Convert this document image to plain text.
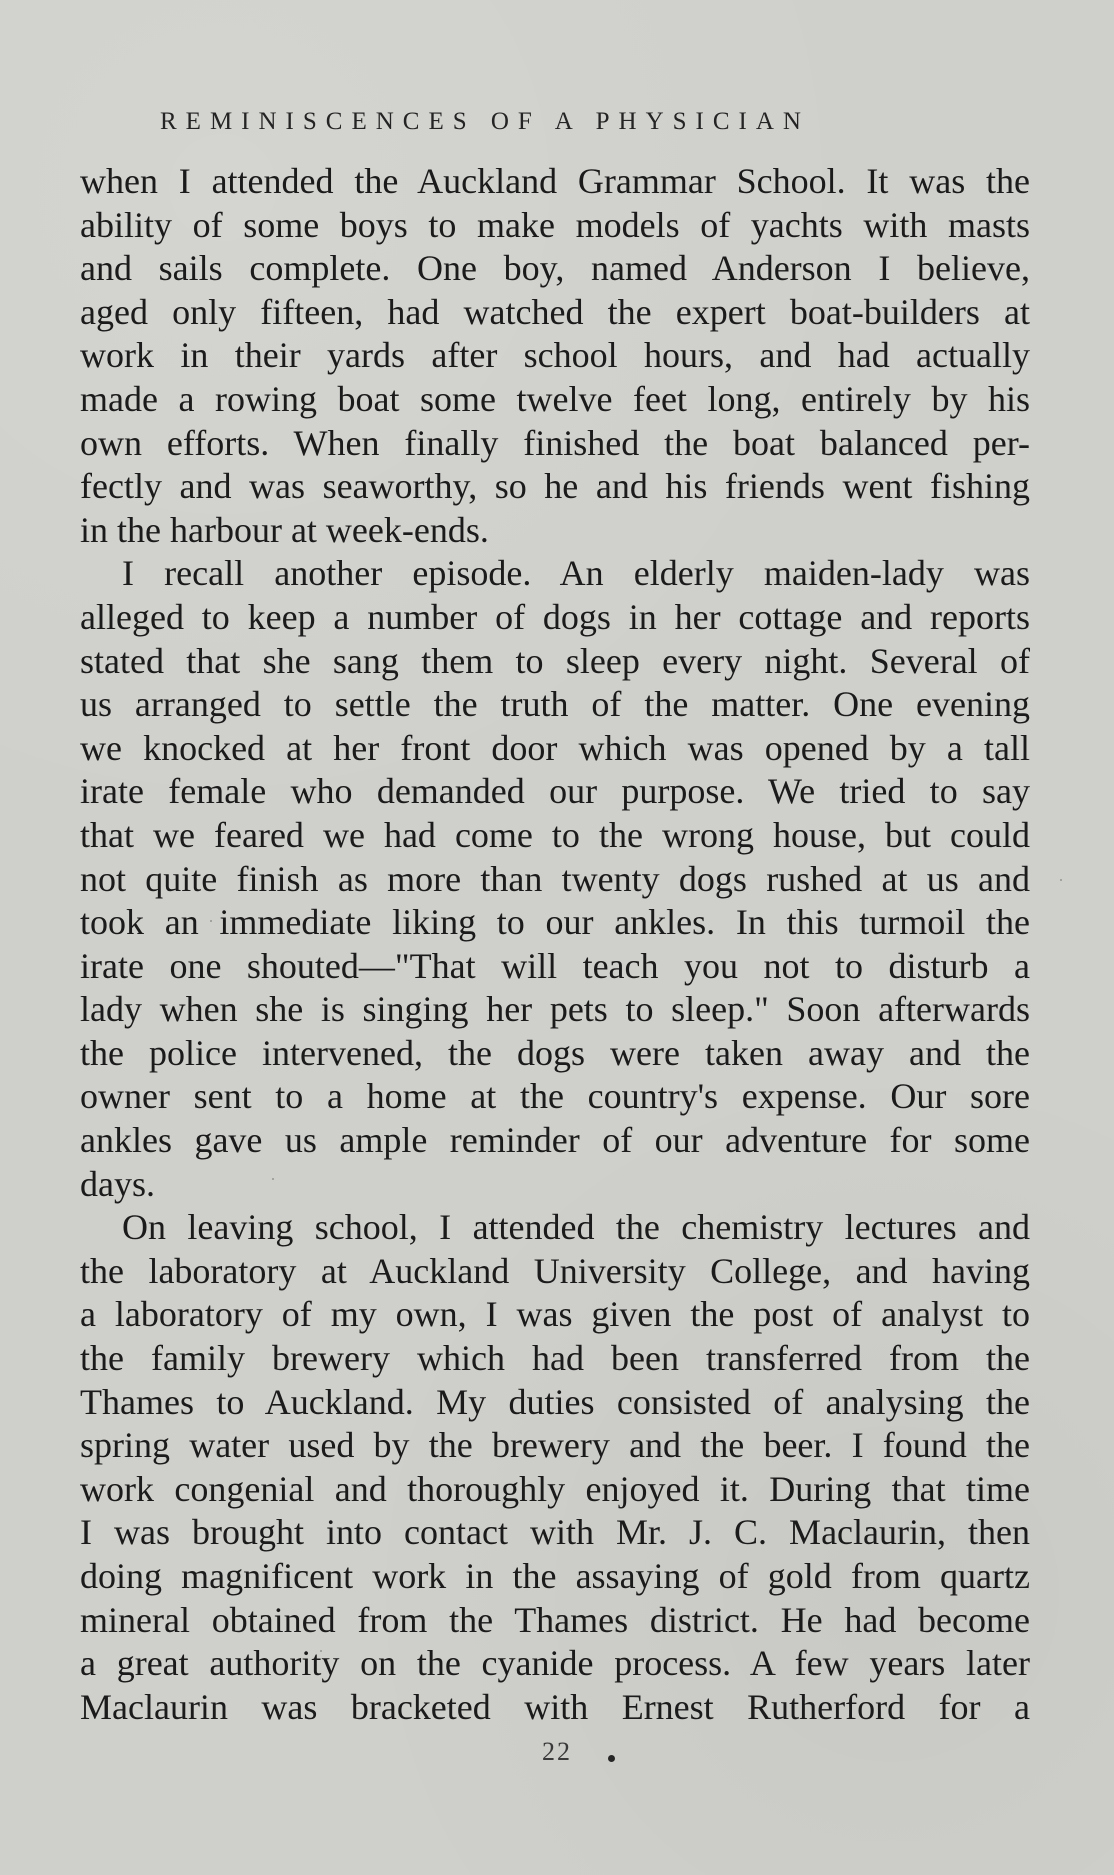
REMINISCENCES OF A PHYSICIAN
when I attended the Auckland Grammar School. It was the
ability of some boys to make models of yachts with masts
and sails complete. One boy, named Anderson I believe,
aged only fifteen, had watched the expert boat-builders at
work in their yards after school hours, and had actually
made a rowing boat some twelve feet long, entirely by his
own efforts. When finally finished the boat balanced per-
fectly and was seaworthy, so he and his friends went fishing
in the harbour at week-ends.
I recall another episode. An elderly maiden-lady was
alleged to keep a number of dogs in her cottage and reports
stated that she sang them to sleep every night. Several of
us arranged to settle the truth of the matter. One evening
we knocked at her front door which was opened by a tall
irate female who demanded our purpose. We tried to say
that we feared we had come to the wrong house, but could
not quite finish as more than twenty dogs rushed at us and
took an immediate liking to our ankles. In this turmoil the
irate one shouted—"That will teach you not to disturb a
lady when she is singing her pets to sleep." Soon afterwards
the police intervened, the dogs were taken away and the
owner sent to a home at the country's expense. Our sore
ankles gave us ample reminder of our adventure for some
days.
On leaving school, I attended the chemistry lectures and
the laboratory at Auckland University College, and having
a laboratory of my own, I was given the post of analyst to
the family brewery which had been transferred from the
Thames to Auckland. My duties consisted of analysing the
spring water used by the brewery and the beer. I found the
work congenial and thoroughly enjoyed it. During that time
I was brought into contact with Mr. J. C. Maclaurin, then
doing magnificent work in the assaying of gold from quartz
mineral obtained from the Thames district. He had become
a great authority on the cyanide process. A few years later
Maclaurin was bracketed with Ernest Rutherford for a
22
